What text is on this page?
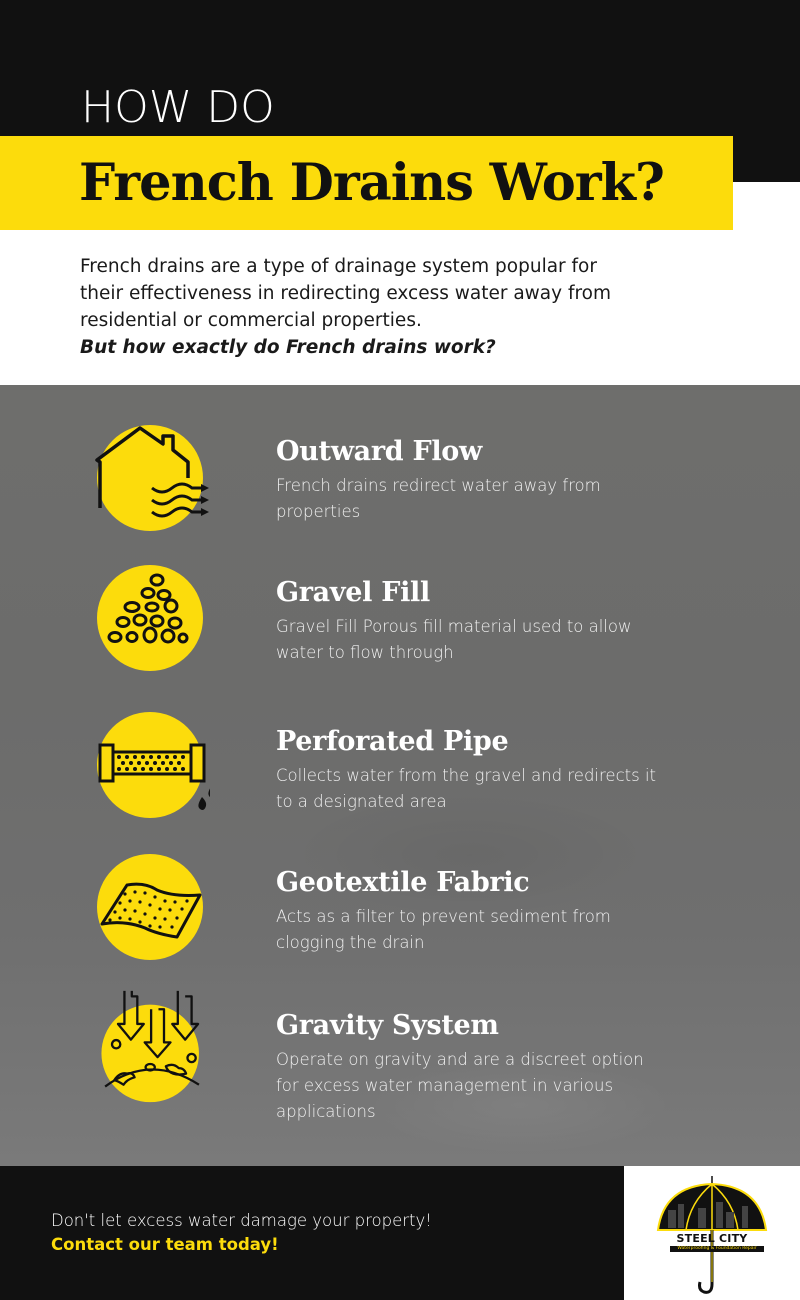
HOW DO
French Drains Work?
French drains are a type of drainage system popular for their effectiveness in redirecting excess water away from residential or commercial properties.
But how exactly do French drains work?
Outward Flow
French drains redirect water away from properties
Gravel Fill
Gravel Fill Porous fill material used to allow water to flow through
Perforated Pipe
Collects water from the gravel and redirects it to a designated area
Geotextile Fabric
Acts as a filter to prevent sediment from clogging the drain
Gravity System
Operate on gravity and are a discreet option for excess water management in various applications
Don't let excess water damage your property!
Contact our team today!	STEEL CITY
Waterproofing & Foundation Repair
